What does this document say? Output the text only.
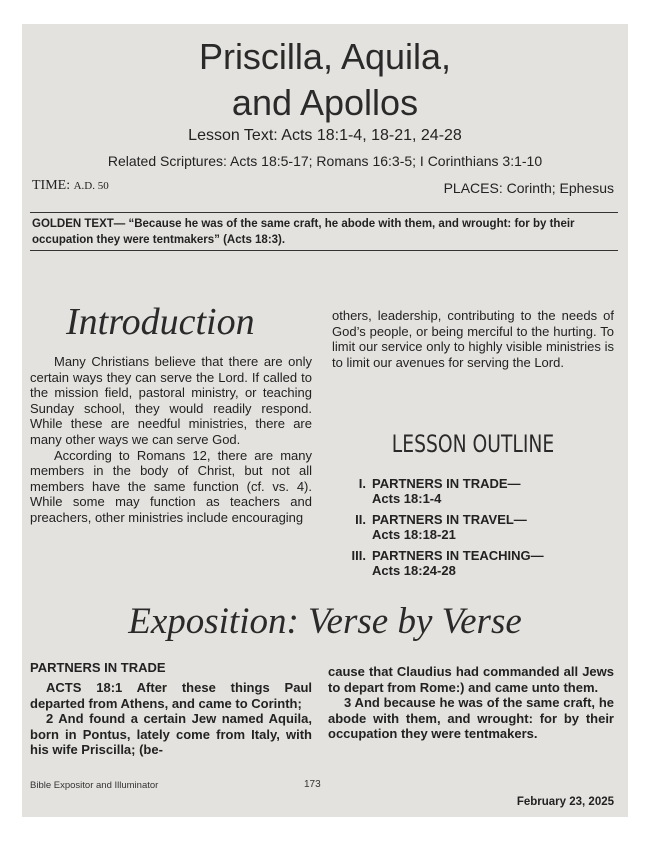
Priscilla, Aquila,
and Apollos
Lesson Text: Acts 18:1-4, 18-21, 24-28
Related Scriptures: Acts 18:5-17; Romans 16:3-5; I Corinthians 3:1-10
TIME: A.D. 50	PLACES: Corinth; Ephesus
GOLDEN TEXT— “Because he was of the same craft, he abode with them, and wrought: for by their occupation they were tentmakers” (Acts 18:3).
Introduction

Many Christians believe that there are only certain ways they can serve the Lord. If called to the mission field, pastoral ministry, or teaching Sunday school, they would readily respond. While these are needful ministries, there are many other ways we can serve God.

According to Romans 12, there are many members in the body of Christ, but not all members have the same function (cf. vs. 4). While some may function as teachers and preachers, other ministries include encouraging

others, leadership, contributing to the needs of God’s people, or being merciful to the hurting. To limit our service only to highly visible ministries is to limit our avenues for serving the Lord.

LESSON OUTLINE
I. PARTNERS IN TRADE—
Acts 18:1-4
II. PARTNERS IN TRAVEL—
Acts 18:18-21
III. PARTNERS IN TEACHING—
Acts 18:24-28
Exposition: Verse by Verse
PARTNERS IN TRADE

ACTS 18:1 After these things Paul departed from Athens, and came to Corinth;

2 And found a certain Jew named Aquila, born in Pontus, lately come from Italy, with his wife Priscilla; (be-

cause that Claudius had commanded all Jews to depart from Rome:) and came unto them.

3 And because he was of the same craft, he abode with them, and wrought: for by their occupation they were tentmakers.

Bible Expositor and Illuminator	173
February 23, 2025
